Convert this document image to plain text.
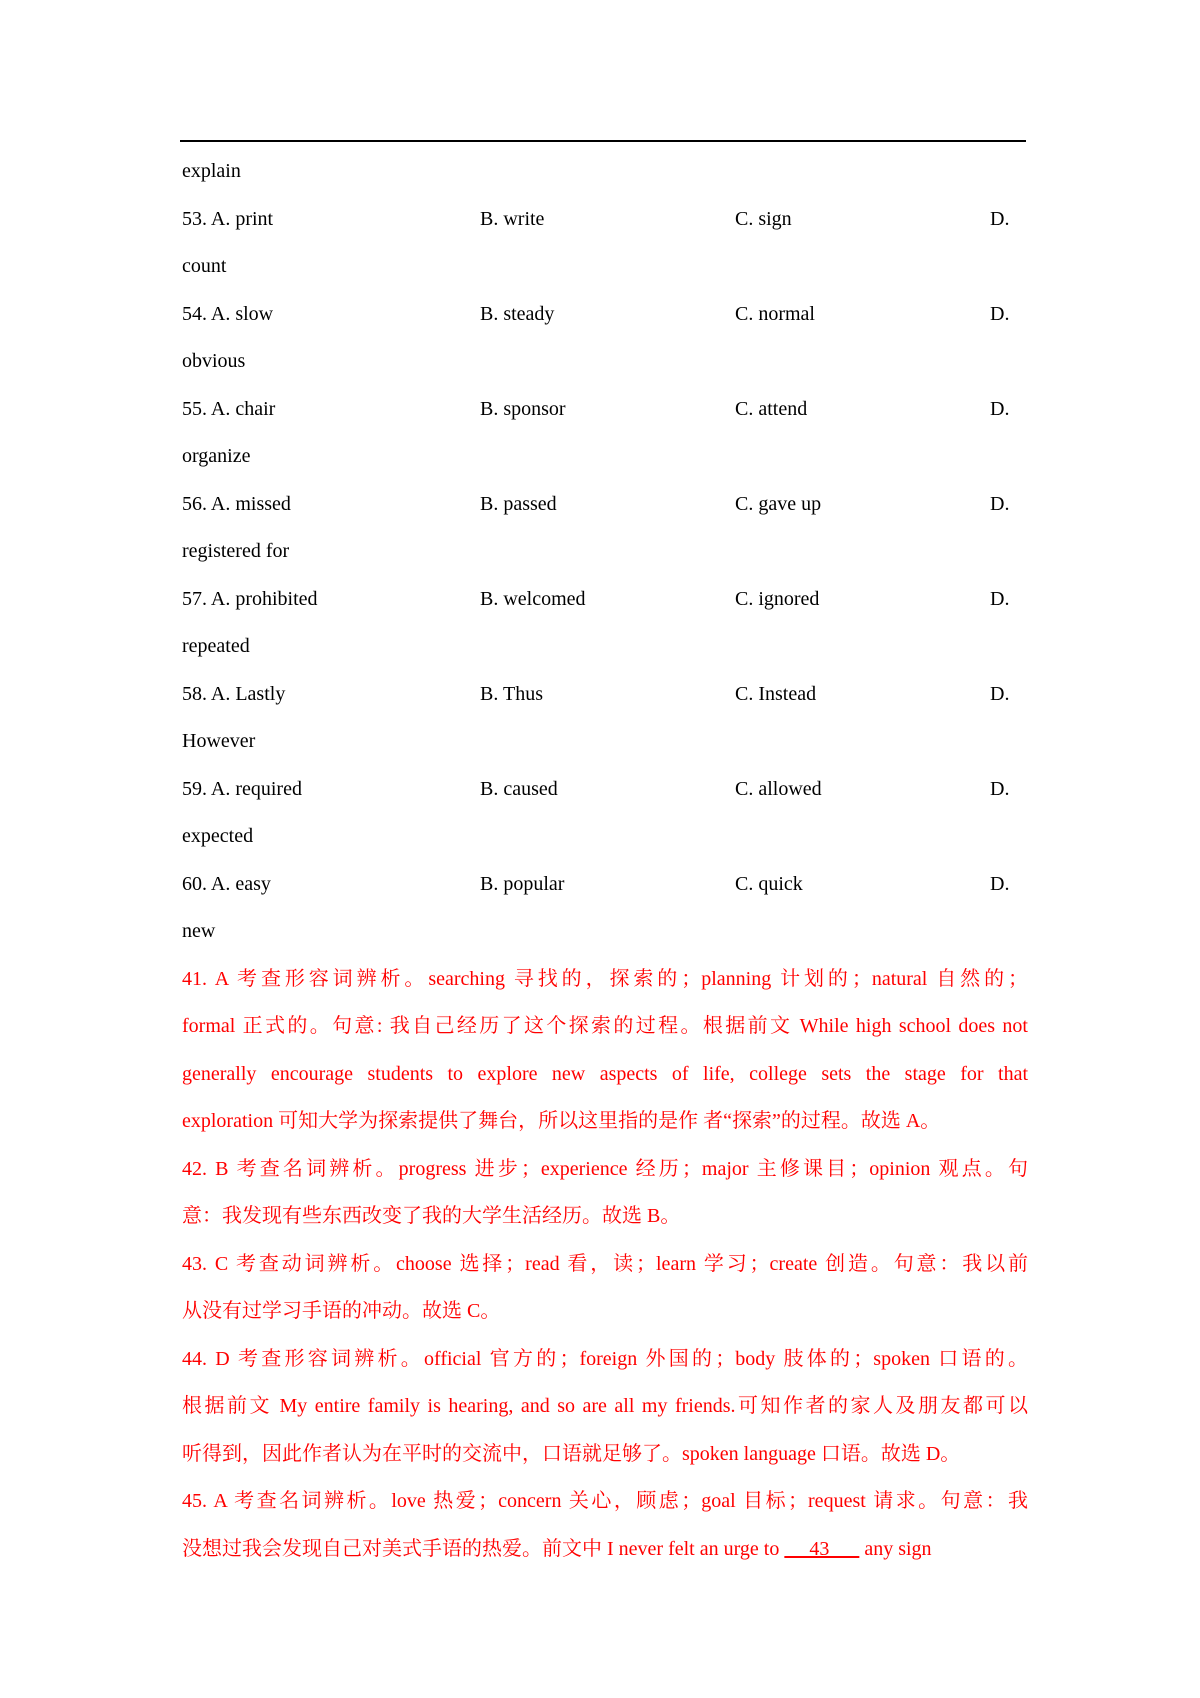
explain
53. A. print	B. write	C. sign	D.
count
54. A. slow	B. steady	C. normal	D.
obvious
55. A. chair	B. sponsor	C. attend	D.
organize
56. A. missed	B. passed	C. gave up	D.
registered for
57. A. prohibited	B. welcomed	C. ignored	D.
repeated
58. A. Lastly	B. Thus	C. Instead	D.
However
59. A. required	B. caused	C. allowed	D.
expected
60. A. easy	B. popular	C. quick	D.
new
41. A 考查形容词辨析。searching 寻找的，探索的；planning 计划的；natural 自然的；
formal 正式的。句意: 我自己经历了这个探索的过程。根据前文 While high school does not
generally encourage students to explore new aspects of life, college sets the stage for that
exploration 可知大学为探索提供了舞台，所以这里指的是作 者“探索”的过程。故选 A。
42. B 考查名词辨析。progress 进步；experience 经历；major 主修课目；opinion 观点。句
意：我发现有些东西改变了我的大学生活经历。故选 B。
43. C 考查动词辨析。choose 选择；read 看，读；learn 学习；create 创造。句意：我以前
从没有过学习手语的冲动。故选 C。
44. D 考查形容词辨析。official 官方的；foreign 外国的；body 肢体的；spoken 口语的。
根据前文 My entire family is hearing, and so are all my friends.可知作者的家人及朋友都可以
听得到，因此作者认为在平时的交流中，口语就足够了。spoken language 口语。故选 D。
45. A 考查名词辨析。love 热爱；concern 关心，顾虑；goal 目标；request 请求。句意：我
没想过我会发现自己对美式手语的热爱。前文中 I never felt an urge to      43       any sign
